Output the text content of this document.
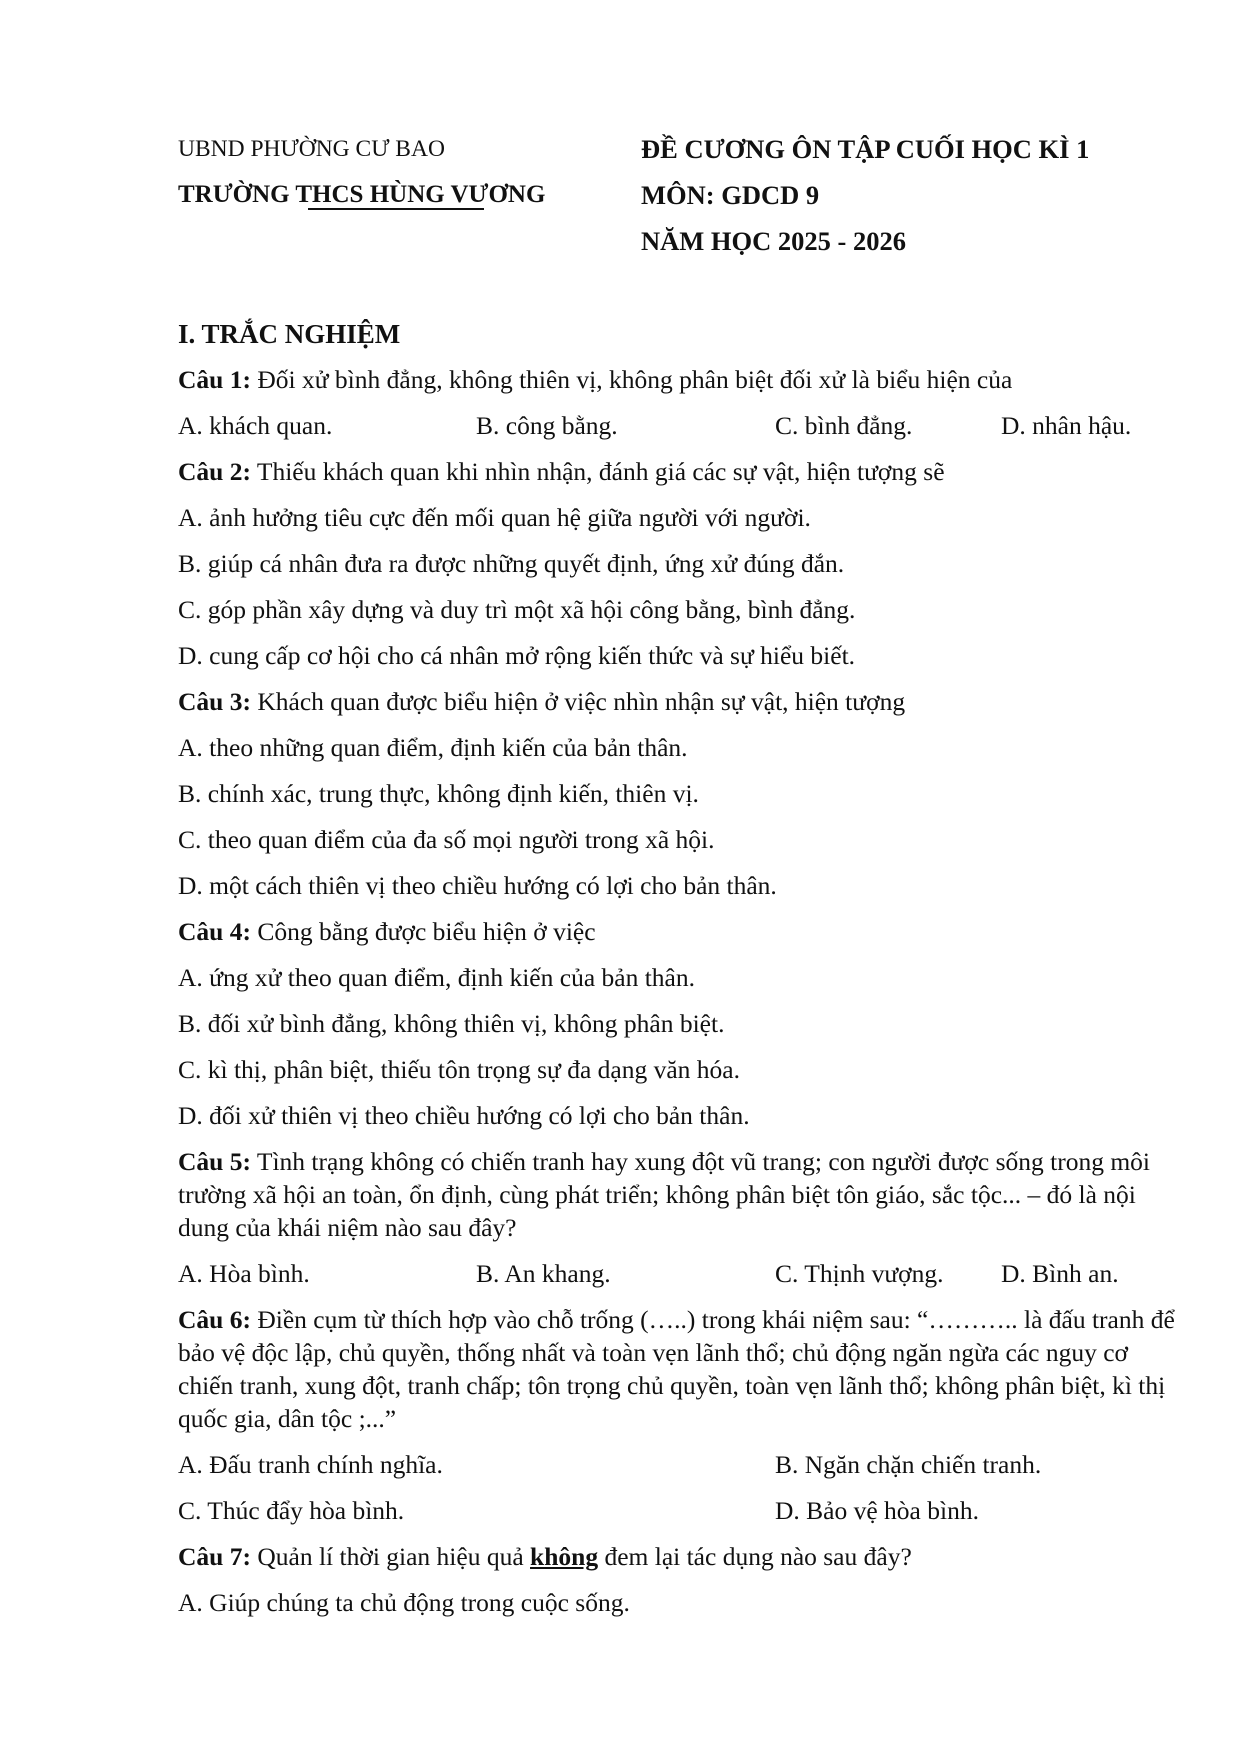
UBND PHƯỜNG CƯ BAO
TRƯỜNG THCS HÙNG VƯƠNG
ĐỀ CƯƠNG ÔN TẬP CUỐI HỌC KÌ 1
MÔN: GDCD 9
NĂM HỌC 2025 - 2026
I. TRẮC NGHIỆM
Câu 1: Đối xử bình đẳng, không thiên vị, không phân biệt đối xử là biểu hiện của
A. khách quan.	B. công bằng.	C. bình đẳng.	D. nhân hậu.
Câu 2: Thiếu khách quan khi nhìn nhận, đánh giá các sự vật, hiện tượng sẽ
A. ảnh hưởng tiêu cực đến mối quan hệ giữa người với người.
B. giúp cá nhân đưa ra được những quyết định, ứng xử đúng đắn.
C. góp phần xây dựng và duy trì một xã hội công bằng, bình đẳng.
D. cung cấp cơ hội cho cá nhân mở rộng kiến thức và sự hiểu biết.
Câu 3: Khách quan được biểu hiện ở việc nhìn nhận sự vật, hiện tượng
A. theo những quan điểm, định kiến của bản thân.
B. chính xác, trung thực, không định kiến, thiên vị.
C. theo quan điểm của đa số mọi người trong xã hội.
D. một cách thiên vị theo chiều hướng có lợi cho bản thân.
Câu 4: Công bằng được biểu hiện ở việc
A. ứng xử theo quan điểm, định kiến của bản thân.
B. đối xử bình đẳng, không thiên vị, không phân biệt.
C. kì thị, phân biệt, thiếu tôn trọng sự đa dạng văn hóa.
D. đối xử thiên vị theo chiều hướng có lợi cho bản thân.
Câu 5: Tình trạng không có chiến tranh hay xung đột vũ trang; con người được sống trong môi trường xã hội an toàn, ổn định, cùng phát triển; không phân biệt tôn giáo, sắc tộc... – đó là nội dung của khái niệm nào sau đây?
A. Hòa bình.	B. An khang.	C. Thịnh vượng. D. Bình an.
Câu 6: Điền cụm từ thích hợp vào chỗ trống (…..) trong khái niệm sau: “……….. là đấu tranh để bảo vệ độc lập, chủ quyền, thống nhất và toàn vẹn lãnh thổ; chủ động ngăn ngừa các nguy cơ chiến tranh, xung đột, tranh chấp; tôn trọng chủ quyền, toàn vẹn lãnh thổ; không phân biệt, kì thị quốc gia, dân tộc ;...”
A. Đấu tranh chính nghĩa.	B. Ngăn chặn chiến tranh.
C. Thúc đẩy hòa bình.	D. Bảo vệ hòa bình.
Câu 7: Quản lí thời gian hiệu quả không đem lại tác dụng nào sau đây?
A. Giúp chúng ta chủ động trong cuộc sống.
